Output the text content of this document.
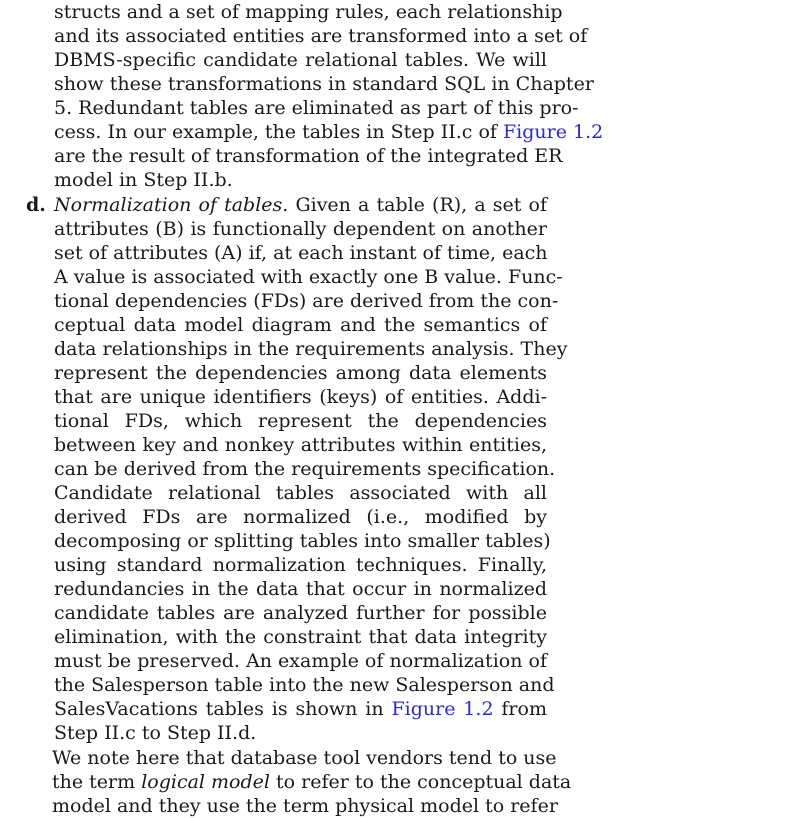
structs and a set of mapping rules, each relationship
and its associated entities are transformed into a set of
DBMS-specific candidate relational tables. We will
show these transformations in standard SQL in Chapter
5. Redundant tables are eliminated as part of this pro-
cess. In our example, the tables in Step II.c of Figure 1.2
are the result of transformation of the integrated ER
model in Step II.b.
d. Normalization of tables. Given a table (R), a set of
attributes (B) is functionally dependent on another
set of attributes (A) if, at each instant of time, each
A value is associated with exactly one B value. Func-
tional dependencies (FDs) are derived from the con-
ceptual data model diagram and the semantics of
data relationships in the requirements analysis. They
represent the dependencies among data elements
that are unique identifiers (keys) of entities. Addi-
tional FDs, which represent the dependencies
between key and nonkey attributes within entities,
can be derived from the requirements specification.
Candidate relational tables associated with all
derived FDs are normalized (i.e., modified by
decomposing or splitting tables into smaller tables)
using standard normalization techniques. Finally,
redundancies in the data that occur in normalized
candidate tables are analyzed further for possible
elimination, with the constraint that data integrity
must be preserved. An example of normalization of
the Salesperson table into the new Salesperson and
SalesVacations tables is shown in Figure 1.2 from
Step II.c to Step II.d.
We note here that database tool vendors tend to use
the term logical model to refer to the conceptual data
model and they use the term physical model to refer
